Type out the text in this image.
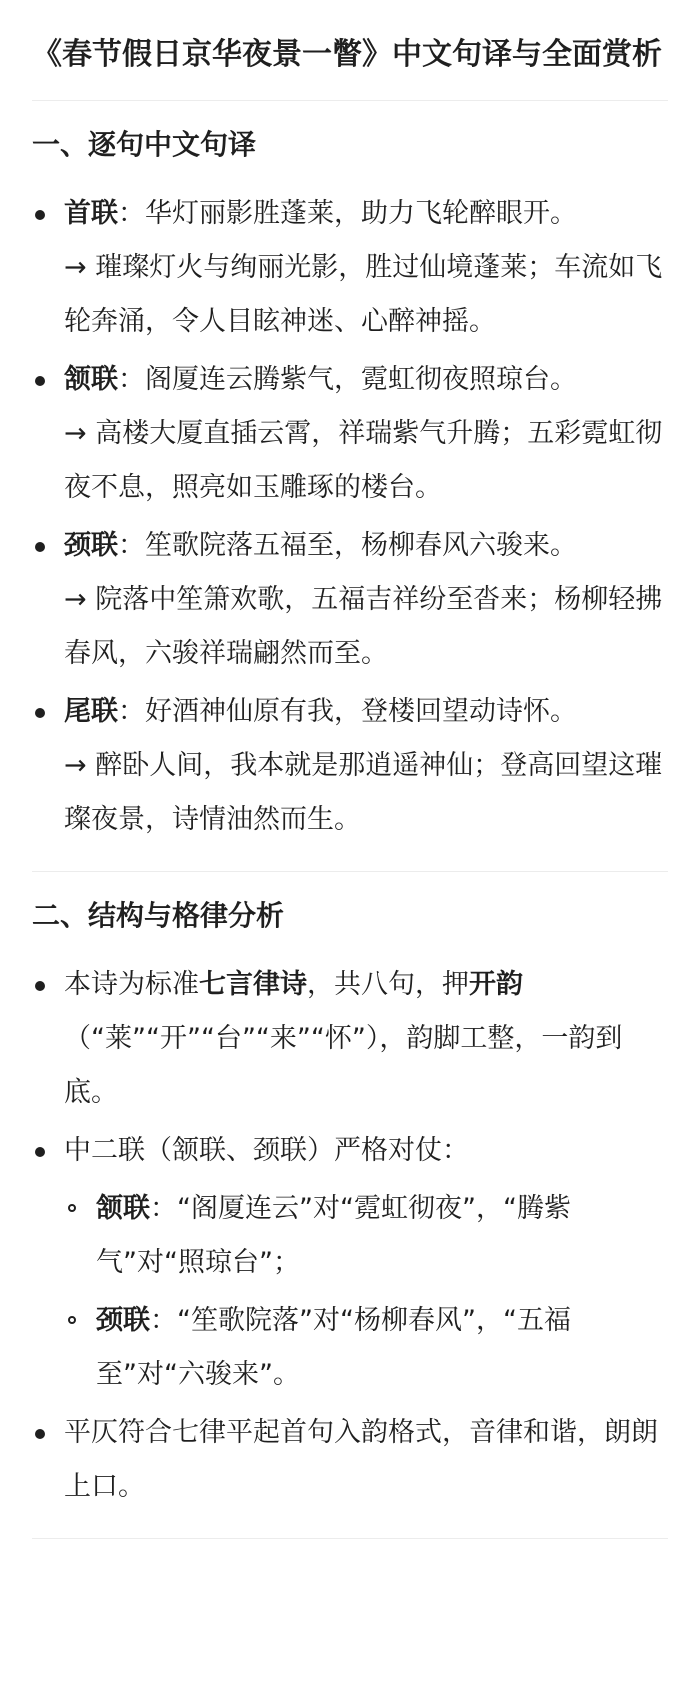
《春节假日京华夜景一瞥》中文句译与全面赏析
一、逐句中文句译
首联：华灯丽影胜蓬莱，助力飞轮醉眼开。
→ 璀璨灯火与绚丽光影，胜过仙境蓬莱；车流如飞轮奔涌，令人目眩神迷、心醉神摇。
颔联：阁厦连云腾紫气，霓虹彻夜照琼台。
→ 高楼大厦直插云霄，祥瑞紫气升腾；五彩霓虹彻夜不息，照亮如玉雕琢的楼台。
颈联：笙歌院落五福至，杨柳春风六骏来。
→ 院落中笙箫欢歌，五福吉祥纷至沓来；杨柳轻拂春风，六骏祥瑞翩然而至。
尾联：好酒神仙原有我，登楼回望动诗怀。
→ 醉卧人间，我本就是那逍遥神仙；登高回望这璀璨夜景，诗情油然而生。
二、结构与格律分析
本诗为标准七言律诗，共八句，押开韵（“莱”“开”“台”“来”“怀”），韵脚工整，一韵到底。
中二联（颔联、颈联）严格对仗：
颔联：“阁厦连云”对“霓虹彻夜”，“腾紫气”对“照琼台”；
颈联：“笙歌院落”对“杨柳春风”，“五福至”对“六骏来”。
平仄符合七律平起首句入韵格式，音律和谐，朗朗上口。
